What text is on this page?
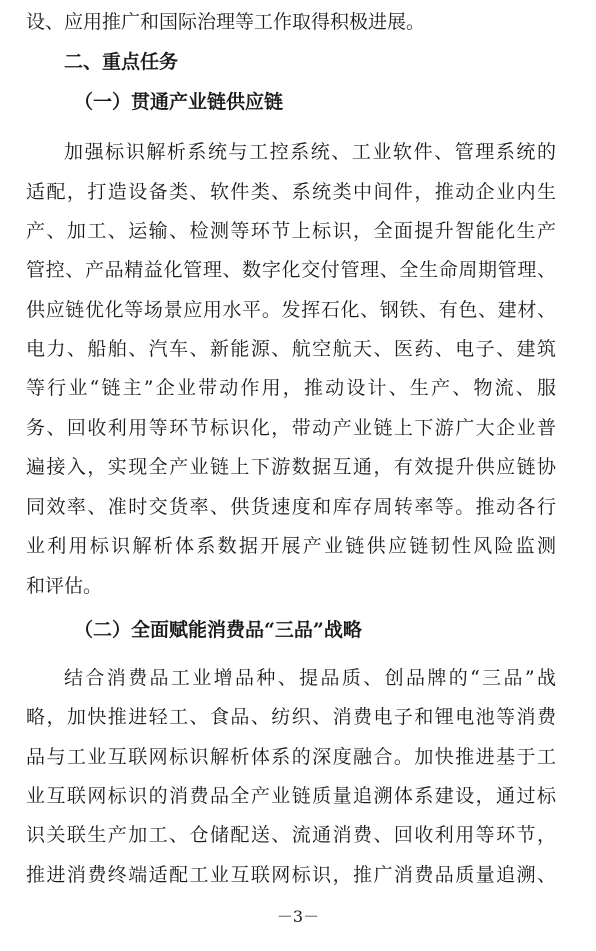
设、应用推广和国际治理等工作取得积极进展。
二、重点任务
（一）贯通产业链供应链
加强标识解析系统与工控系统、工业软件、管理系统的
适配，打造设备类、软件类、系统类中间件，推动企业内生
产、加工、运输、检测等环节上标识，全面提升智能化生产
管控、产品精益化管理、数字化交付管理、全生命周期管理、
供应链优化等场景应用水平。发挥石化、钢铁、有色、建材、
电力、船舶、汽车、新能源、航空航天、医药、电子、建筑
等行业“链主”企业带动作用，推动设计、生产、物流、服
务、回收利用等环节标识化，带动产业链上下游广大企业普
遍接入，实现全产业链上下游数据互通，有效提升供应链协
同效率、准时交货率、供货速度和库存周转率等。推动各行
业利用标识解析体系数据开展产业链供应链韧性风险监测
和评估。
（二）全面赋能消费品“三品”战略
结合消费品工业增品种、提品质、创品牌的“三品”战
略，加快推进轻工、食品、纺织、消费电子和锂电池等消费
品与工业互联网标识解析体系的深度融合。加快推进基于工
业互联网标识的消费品全产业链质量追溯体系建设，通过标
识关联生产加工、仓储配送、流通消费、回收利用等环节，
推进消费终端适配工业互联网标识，推广消费品质量追溯、
－3－
